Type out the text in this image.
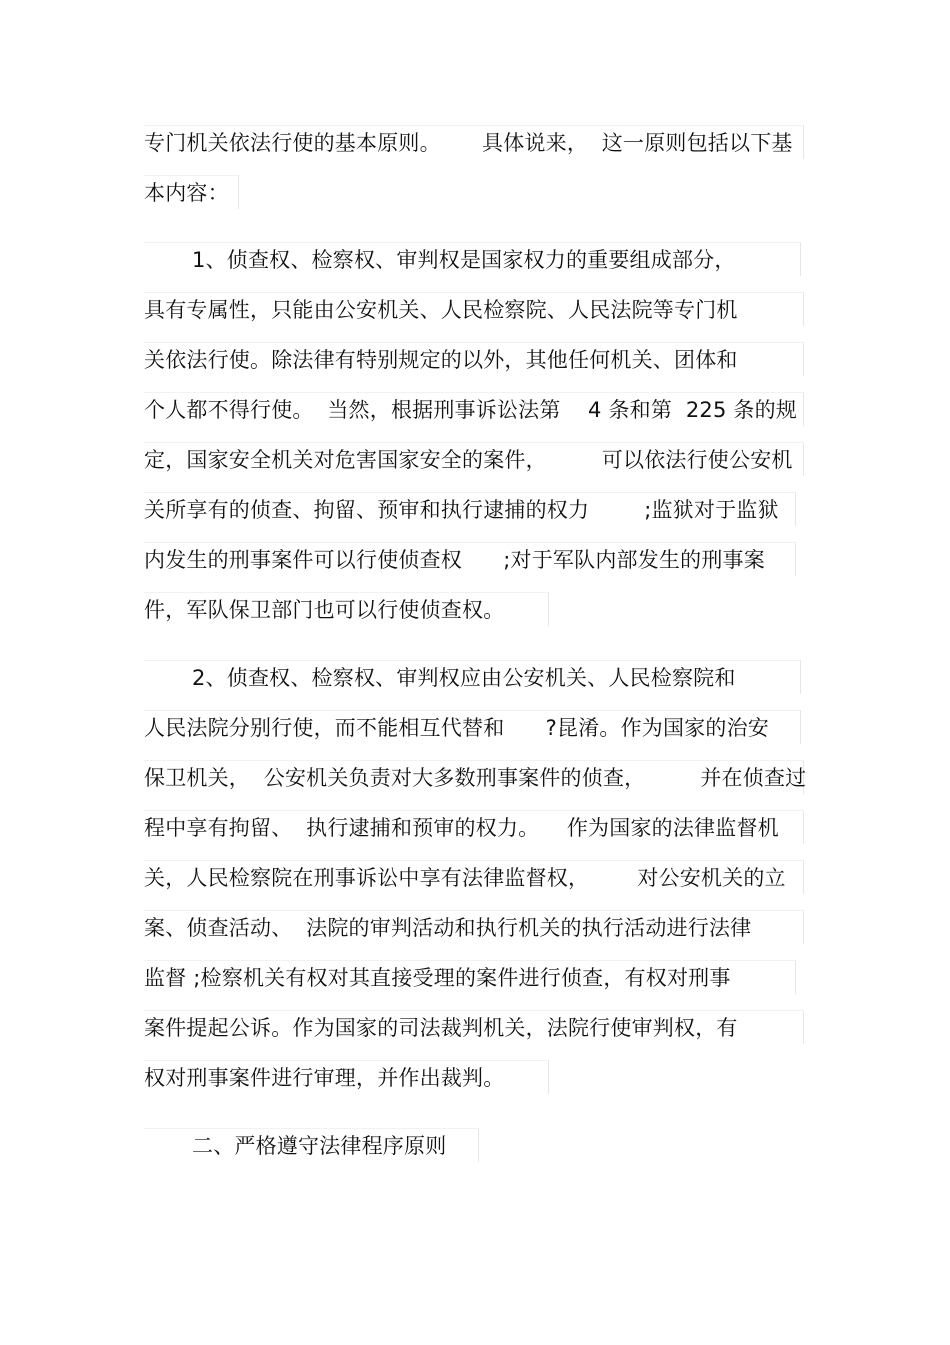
专门机关依法行使的基本原则。      具体说来，  这一原则包括以下基
本内容：
1、侦查权、检察权、审判权是国家权力的重要组成部分，
具有专属性，只能由公安机关、人民检察院、人民法院等专门机
关依法行使。除法律有特别规定的以外，其他任何机关、团体和
个人都不得行使。  当然，根据刑事诉讼法第    4 条和第  225 条的规
定，国家安全机关对危害国家安全的案件，        可以依法行使公安机
关所享有的侦查、拘留、预审和执行逮捕的权力        ;监狱对于监狱
内发生的刑事案件可以行使侦查权      ;对于军队内部发生的刑事案
件，军队保卫部门也可以行使侦查权。
2、侦查权、检察权、审判权应由公安机关、人民检察院和
人民法院分别行使，而不能相互代替和      ?昆淆。作为国家的治安
保卫机关，  公安机关负责对大多数刑事案件的侦查，        并在侦查过
程中享有拘留、  执行逮捕和预审的权力。    作为国家的法律监督机
关，人民检察院在刑事诉讼中享有法律监督权，       对公安机关的立
案、侦查活动、  法院的审判活动和执行机关的执行活动进行法律
监督 ;检察机关有权对其直接受理的案件进行侦查，有权对刑事
案件提起公诉。作为国家的司法裁判机关，法院行使审判权，有
权对刑事案件进行审理，并作出裁判。
二、严格遵守法律程序原则
